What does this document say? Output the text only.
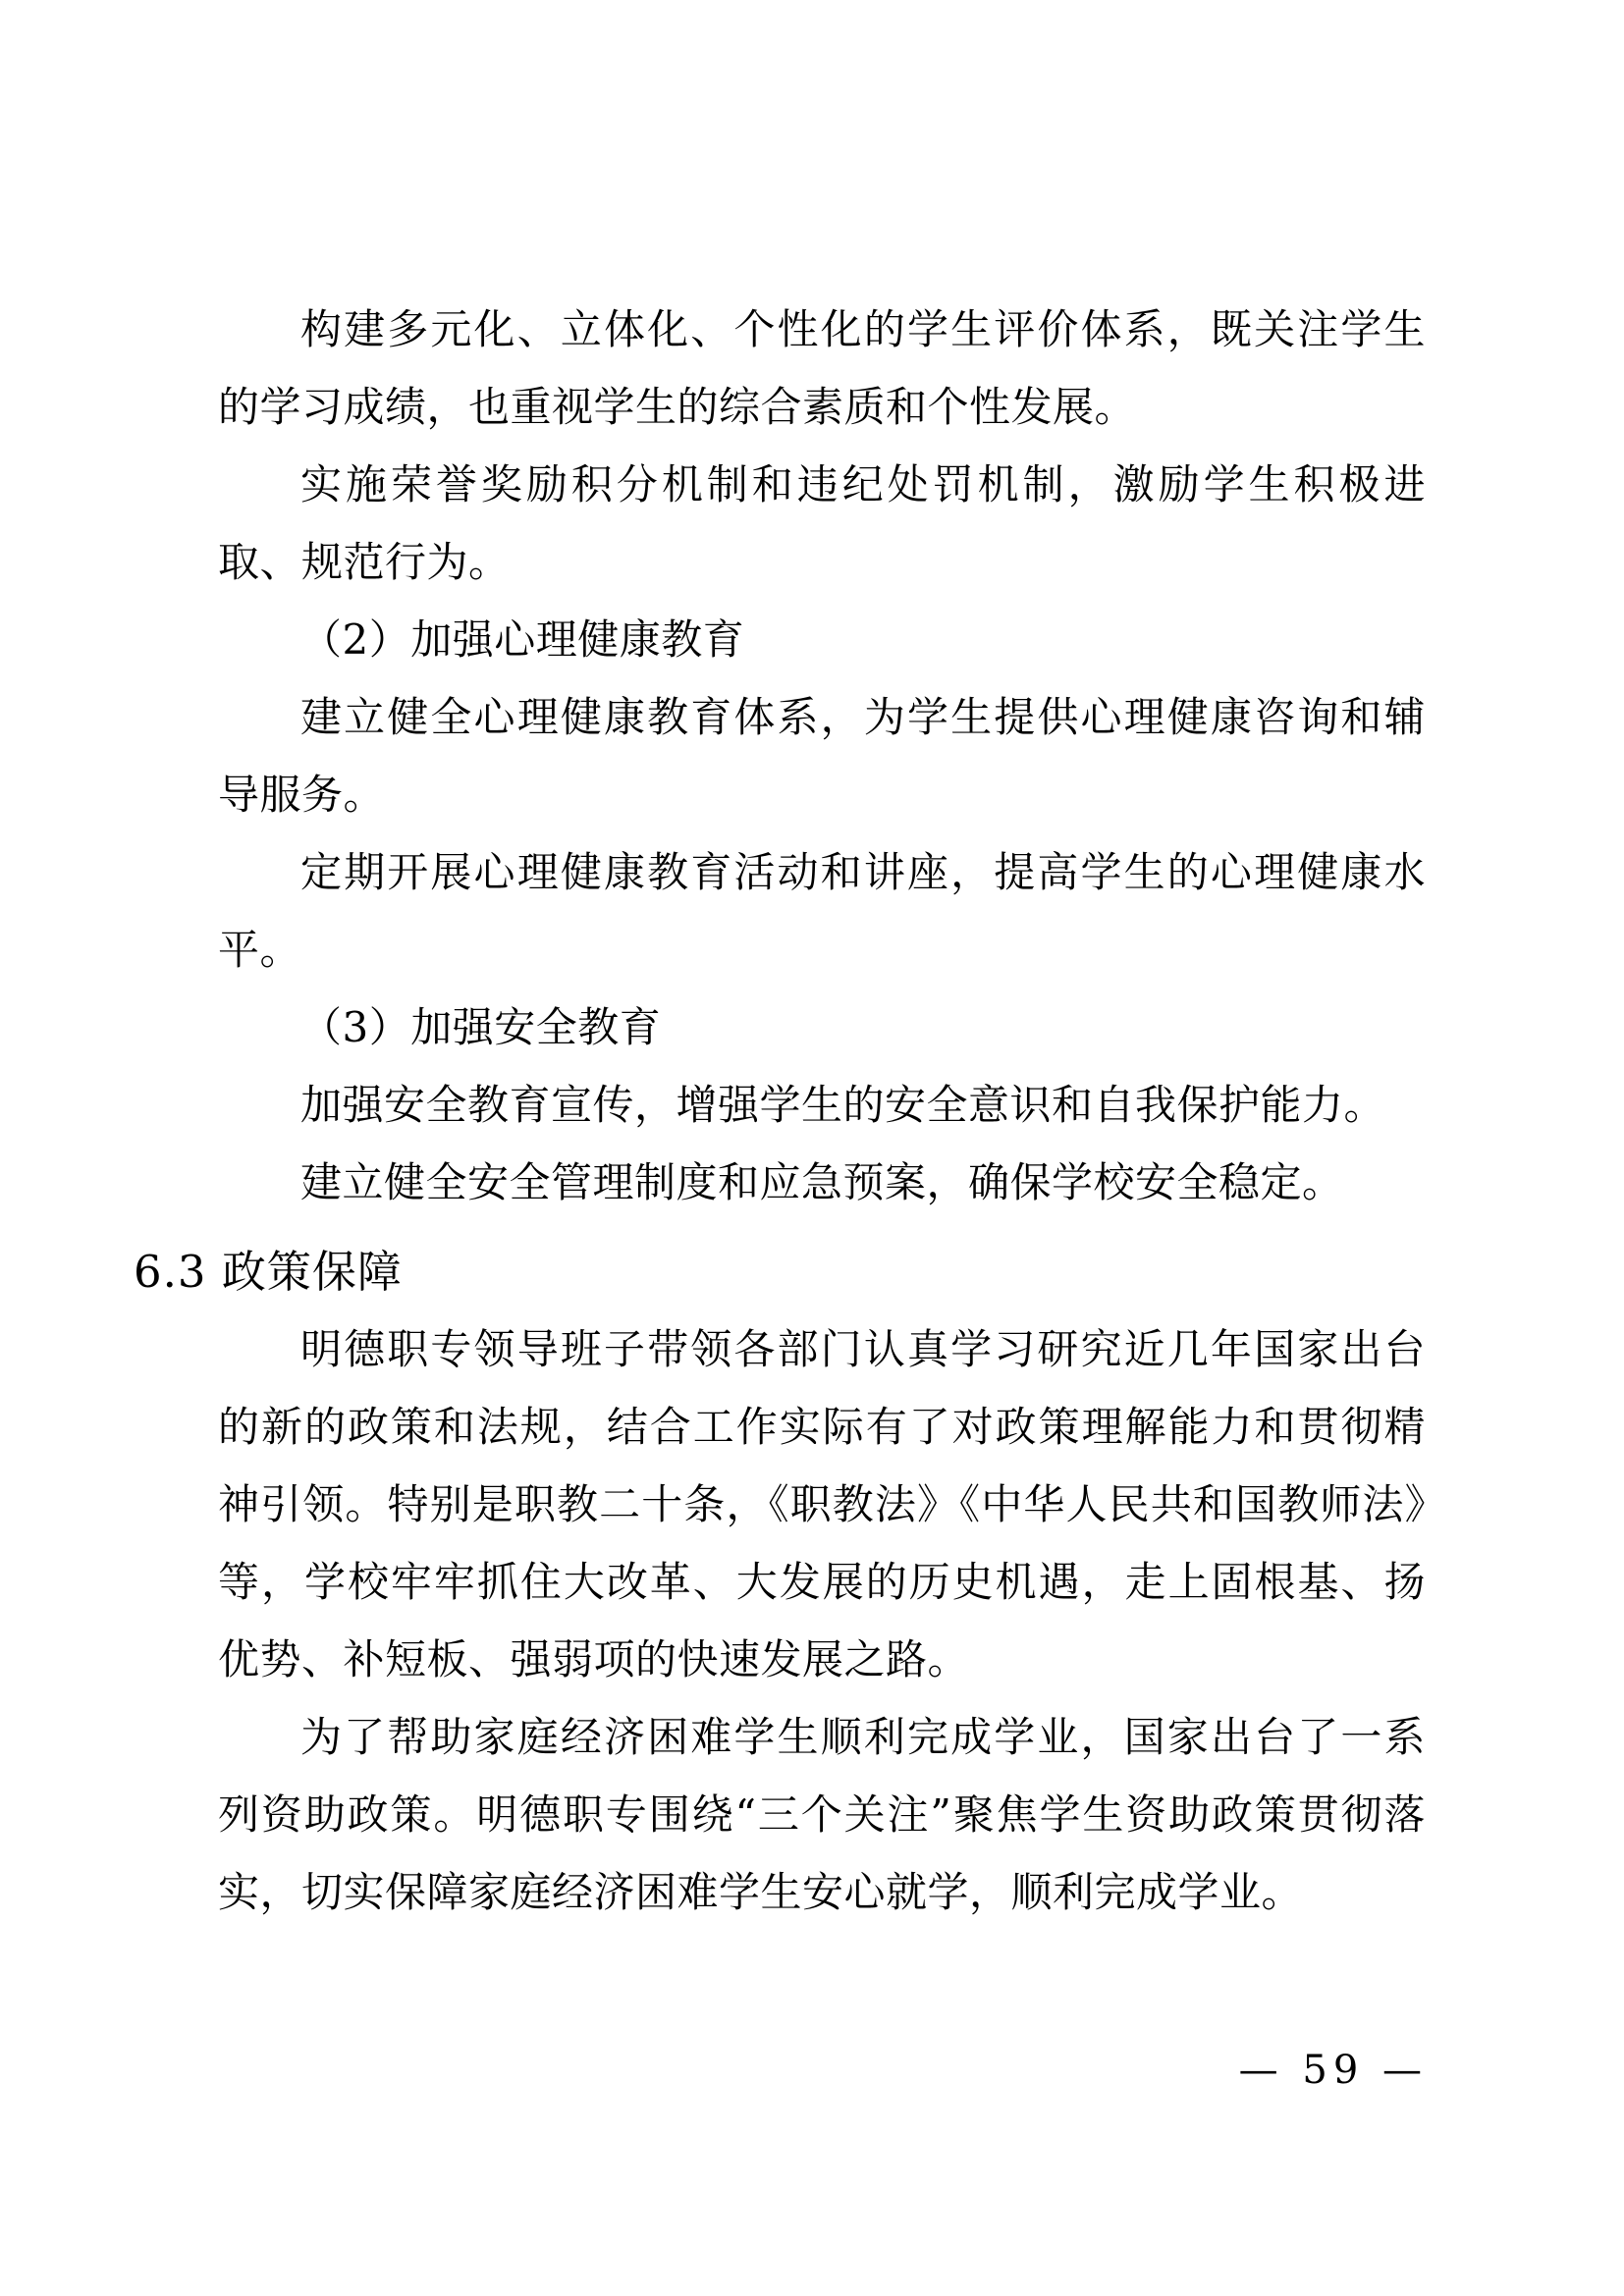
构建多元化、立体化、个性化的学生评价体系，既关注学生的学习成绩，也重视学生的综合素质和个性发展。

实施荣誉奖励积分机制和违纪处罚机制，激励学生积极进取、规范行为。

（2）加强心理健康教育

建立健全心理健康教育体系，为学生提供心理健康咨询和辅导服务。

定期开展心理健康教育活动和讲座，提高学生的心理健康水平。

（3）加强安全教育

加强安全教育宣传，增强学生的安全意识和自我保护能力。

建立健全安全管理制度和应急预案，确保学校安全稳定。

6.3 政策保障

明德职专领导班子带领各部门认真学习研究近几年国家出台的新的政策和法规，结合工作实际有了对政策理解能力和贯彻精神引领。特别是职教二十条，《职教法》《中华人民共和国教师法》等，学校牢牢抓住大改革、大发展的历史机遇，走上固根基、扬优势、补短板、强弱项的快速发展之路。

为了帮助家庭经济困难学生顺利完成学业，国家出台了一系列资助政策。明德职专围绕“三个关注”聚焦学生资助政策贯彻落实，切实保障家庭经济困难学生安心就学，顺利完成学业。

— 59 —
